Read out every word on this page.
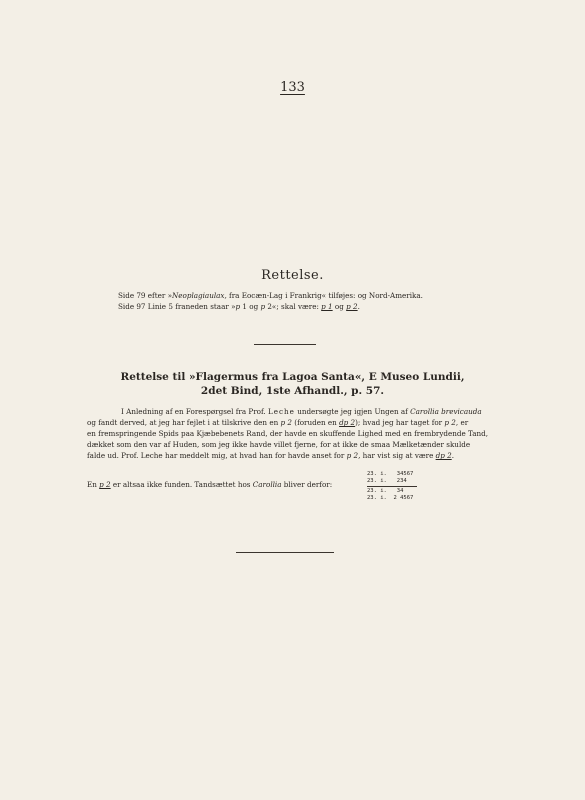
133
Rettelse.
Side 79 efter »Neoplagiaulax, fra Eocæn-Lag i Frankrig« tilføjes: og Nord-Amerika.
Side 97 Linie 5 franeden staar »p 1 og p 2«; skal være: p 1 og p 2.
Rettelse til »Flagermus fra Lagoa Santa«, E Museo Lundii,
2det Bind, 1ste Afhandl., p. 57.

I Anledning af en Forespørgsel fra Prof. Leche undersøgte jeg igjen Ungen af Carollia brevicauda

og fandt derved, at jeg har fejlet i at tilskrive den en p 2 (foruden en dp 2); hvad jeg har taget for p 2, er

en fremspringende Spids paa Kjæbebenets Rand, der havde en skuffende Lighed med en frembrydende Tand,

dækket som den var af Huden, som jeg ikke havde villet fjerne, for at ikke de smaa Mælketænder skulde

falde ud. Prof. Leche har meddelt mig, at hvad han for havde anset for p 2, har vist sig at være dp 2.

En p 2 er altsaa ikke funden. Tandsættet hos Carollia bliver derfor:

23. i.   34567

23. i.   234

23. i.   34

23. i.  2 4567
